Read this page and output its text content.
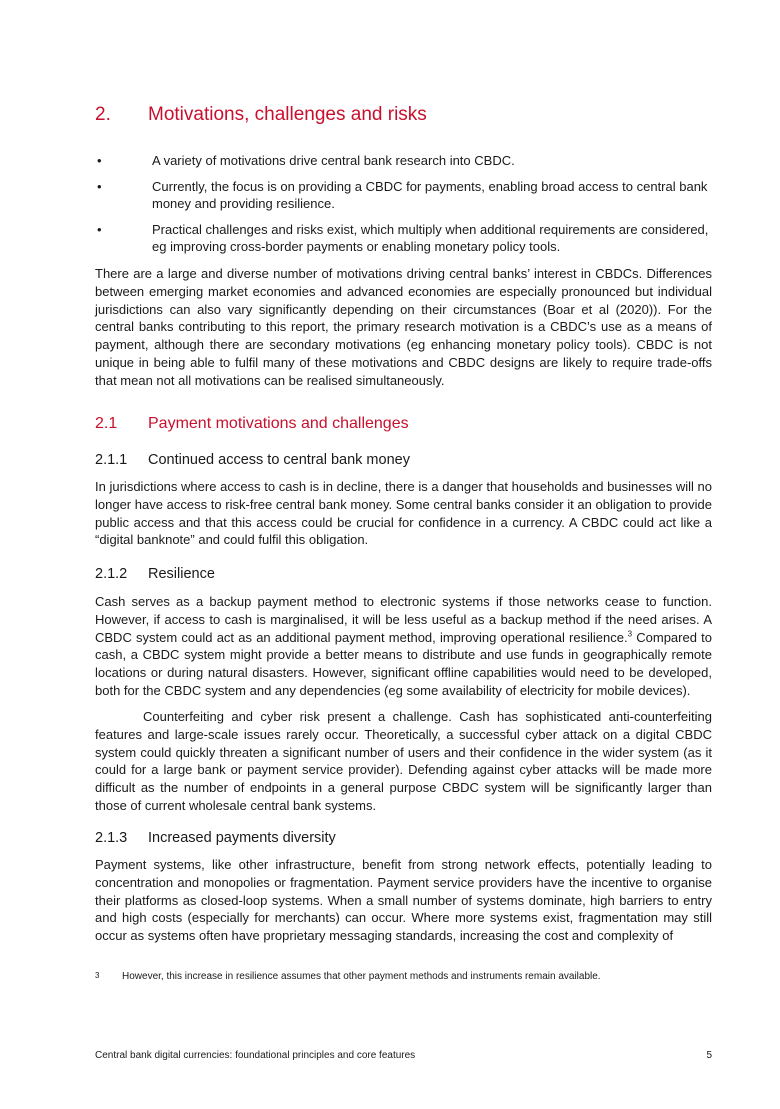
2.	Motivations, challenges and risks
•	A variety of motivations drive central bank research into CBDC.
•	Currently, the focus is on providing a CBDC for payments, enabling broad access to central bank money and providing resilience.
•	Practical challenges and risks exist, which multiply when additional requirements are considered, eg improving cross-border payments or enabling monetary policy tools.

There are a large and diverse number of motivations driving central banks’ interest in CBDCs. Differences between emerging market economies and advanced economies are especially pronounced but individual jurisdictions can also vary significantly depending on their circumstances (Boar et al (2020)). For the central banks contributing to this report, the primary research motivation is a CBDC’s use as a means of payment, although there are secondary motivations (eg enhancing monetary policy tools). CBDC is not unique in being able to fulfil many of these motivations and CBDC designs are likely to require trade-offs that mean not all motivations can be realised simultaneously.

2.1	Payment motivations and challenges
2.1.1	Continued access to central bank money

In jurisdictions where access to cash is in decline, there is a danger that households and businesses will no longer have access to risk-free central bank money. Some central banks consider it an obligation to provide public access and that this access could be crucial for confidence in a currency. A CBDC could act like a “digital banknote” and could fulfil this obligation.

2.1.2	Resilience

Cash serves as a backup payment method to electronic systems if those networks cease to function. However, if access to cash is marginalised, it will be less useful as a backup method if the need arises. A CBDC system could act as an additional payment method, improving operational resilience.$^3$ Compared to cash, a CBDC system might provide a better means to distribute and use funds in geographically remote locations or during natural disasters. However, significant offline capabilities would need to be developed, both for the CBDC system and any dependencies (eg some availability of electricity for mobile devices).

Counterfeiting and cyber risk present a challenge. Cash has sophisticated anti-counterfeiting features and large-scale issues rarely occur. Theoretically, a successful cyber attack on a digital CBDC system could quickly threaten a significant number of users and their confidence in the wider system (as it could for a large bank or payment service provider). Defending against cyber attacks will be made more difficult as the number of endpoints in a general purpose CBDC system will be significantly larger than those of current wholesale central bank systems.

2.1.3	Increased payments diversity

Payment systems, like other infrastructure, benefit from strong network effects, potentially leading to concentration and monopolies or fragmentation. Payment service providers have the incentive to organise their platforms as closed-loop systems. When a small number of systems dominate, high barriers to entry and high costs (especially for merchants) can occur. Where more systems exist, fragmentation may still occur as systems often have proprietary messaging standards, increasing the cost and complexity of

3	However, this increase in resilience assumes that other payment methods and instruments remain available.
Central bank digital currencies: foundational principles and core features	5
